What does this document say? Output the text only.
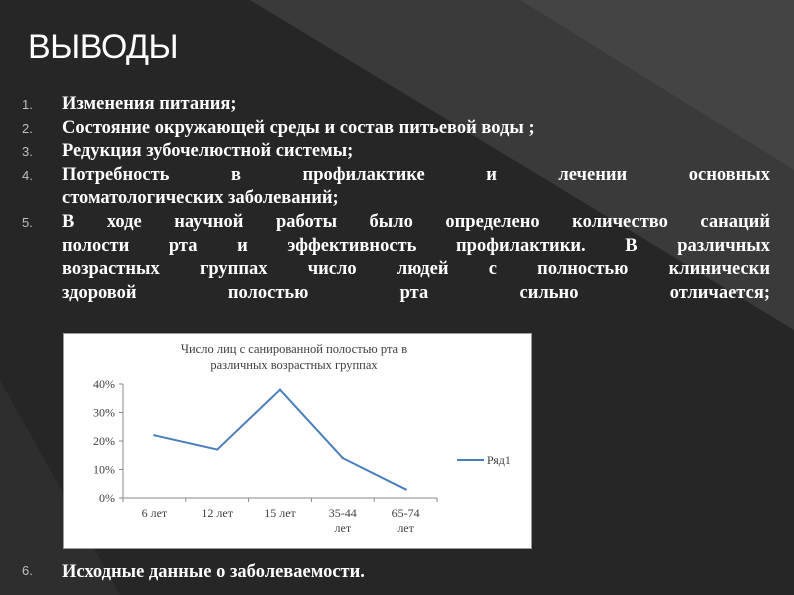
ВЫВОДЫ
1. Изменения питания;
2. Состояние окружающей среды и состав питьевой воды ;
3. Редукция зубочелюстной системы;
4. Потребность в профилактике и лечении основных
стоматологических заболеваний;
5. В ходе научной работы было определено количество санаций
полости рта и эффективность профилактики. В различных
возрастных группах число людей с полностью клинически
здоровой полостью рта сильно отличается;
Число лиц с санированной полостью рта в
различных возрастных группах
0%
10%
20%
30%
40%
6 лет	12 лет	15 лет	35-44
лет
65-74
лет
Ряд1
6. Исходные данные о заболеваемости.
